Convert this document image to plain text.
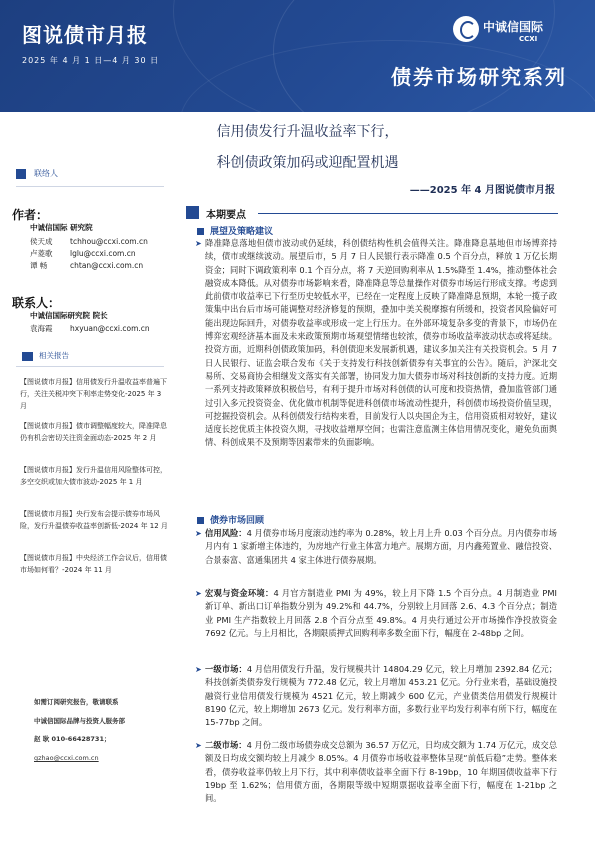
图说债市月报
2025 年 4 月 1 日—4 月 30 日
中诚信国际
CCXI
债券市场研究系列
信用债发行升温收益率下行，
科创债政策加码或迎配置机遇
——2025 年 4 月图说债市月报
联络人
作者：
中诚信国际 研究院
侯天成 tchhou@ccxi.com.cn
卢菱歌 lglu@ccxi.com.cn
谭 畅	chtan@ccxi.com.cn
联系人：
中诚信国际研究院 院长
袁海霞 hxyuan@ccxi.com.cn
相关报告
【图说债市月报】信用债发行升温收益率普遍下行，关注关税冲突下利率走势变化-2025 年 3 月
【图说债市月报】债市调整幅度较大，降准降息仍有机会密切关注资金面动态-2025 年 2 月
【图说债市月报】发行升温信用风险整体可控，多空交织或加大债市波动-2025 年 1 月
【图说债市月报】央行发布会提示债券市场风险，发行升温债券收益率创新低-2024 年 12 月
【图说债市月报】中央经济工作会议后，信用债市场如何看？-2024 年 11 月
如需订阅研究报告，敬请联系
中诚信国际品牌与投资人服务部
赵 耿 010-66428731；
gzhao@ccxi.com.cn
本期要点
展望及策略建议
➤ 降准降息落地但债市波动或仍延续，科创债结构性机会值得关注。降准降息基地但市场博弈持续，债市或继续波动。展望后市，5 月 7 日人民银行表示降准 0.5 个百分点，释放 1 万亿长期资金；同时下调政策利率 0.1 个百分点，将 7 天逆回购利率从 1.5%降至 1.4%，推动整体社会融资成本降低。从对债券市场影响来看，降准降息等总量操作对债券市场运行形成支撑。考虑到此前债市收益率已下行至历史较低水平，已经在一定程度上反映了降准降息预期，本轮一揽子政策集中出台后市场可能调整对经济修复的预期，叠加中美关税摩擦有所缓和，投资者风险偏好可能出现边际回升，对债券收益率或形成一定上行压力。在外部环境复杂多变的背景下，市场仍在博弈宏观经济基本面及未来政策预期市场观望情绪也较浓，债券市场收益率波动状态或将延续。投资方面，近期科创债政策加码，科创债迎来发展新机遇，建议多加关注有关投资机会。5 月 7 日人民银行、证监会联合发布《关于支持发行科技创新债券有关事宜的公告》。随后，沪深北交易所、交易商协会相继发文落实有关部署，协同发力加大债券市场对科技创新的支持力度。近期一系列支持政策释放积极信号，有利于提升市场对科创债的认可度和投资热情，叠加监管部门通过引入多元投资资金、优化做市机制等促进科创债市场流动性提升，科创债市场投资价值呈现，可挖掘投资机会。从科创债发行结构来看，目前发行人以央国企为主，信用资质相对较好，建议适度长挖优质主体投资久期，寻找收益增厚空间；也需注意监测主体信用情况变化，避免负面舆情、科创成果不及预期等因素带来的负面影响。
债券市场回顾
➤ 信用风险：4 月债券市场月度滚动违约率为 0.28%，较上月上升 0.03 个百分点。月内债券市场月内有 1 家新增主体违约，为房地产行业主体富力地产。展期方面，月内鑫苑置业、融信投资、合景泰富、富通集团共 4 家主体进行债券展期。
➤ 宏观与资金环境：4 月官方制造业 PMI 为 49%，较上月下降 1.5 个百分点。4 月制造业 PMI 新订单、新出口订单指数分别为 49.2%和 44.7%，分别较上月回落 2.6、4.3 个百分点；制造业 PMI 生产指数较上月回落 2.8 个百分点至 49.8%。4 月央行通过公开市场操作净投放资金 7692 亿元。与上月相比，各期限质押式回购利率多数全面下行，幅度在 2-48bp 之间。
➤ 一级市场：4 月信用债发行升温，发行规模共计 14804.29 亿元，较上月增加 2392.84 亿元；科技创新类债券发行规模为 772.48 亿元，较上月增加 453.21 亿元。分行业来看，基础设施投融资行业信用债发行规模为 4521 亿元，较上期减少 600 亿元，产业债类信用债发行规模计 8190 亿元，较上期增加 2673 亿元。发行利率方面，多数行业平均发行利率有所下行，幅度在 15-77bp 之间。
➤ 二级市场：4 月份二级市场债券成交总额为 36.57 万亿元，日均成交额为 1.74 万亿元，成交总额及日均成交额均较上月减少 8.05%。4 月债券市场收益率整体呈现“前低后稳”走势。整体来看，债券收益率仍较上月下行，其中利率债收益率全面下行 8-19bp，10 年期国债收益率下行 19bp 至 1.62%；信用债方面，各期限等级中短期票据收益率全面下行，幅度在 1-21bp 之间。
